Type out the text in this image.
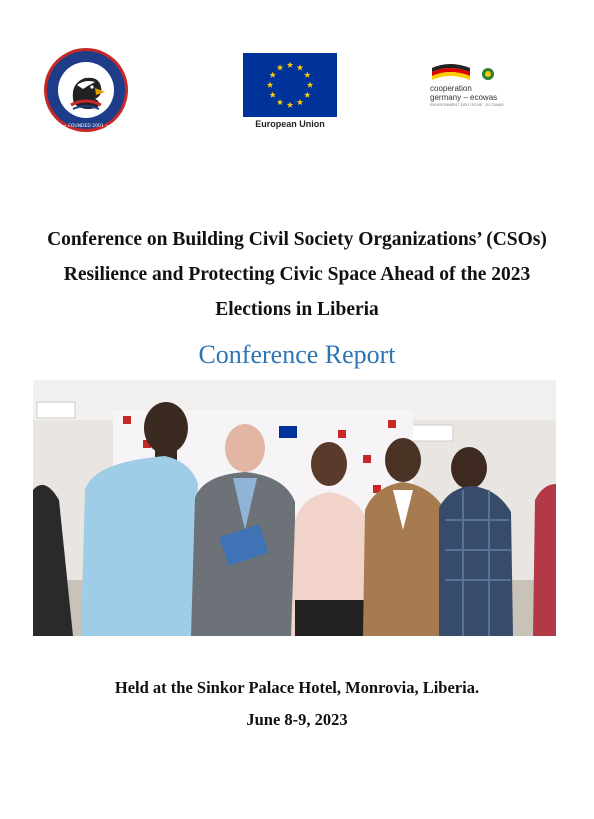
~ FOUNDED 2001 ~	European Union
cooperation
germany – ecowas
ENVIRONMENT DEUTSCHE - ECOWAS
Conference on Building Civil Society Organizations’ (CSOs)
Resilience and Protecting Civic Space Ahead of the 2023
Elections in Liberia
Conference Report
Held at the Sinkor Palace Hotel, Monrovia, Liberia.
June 8-9, 2023
